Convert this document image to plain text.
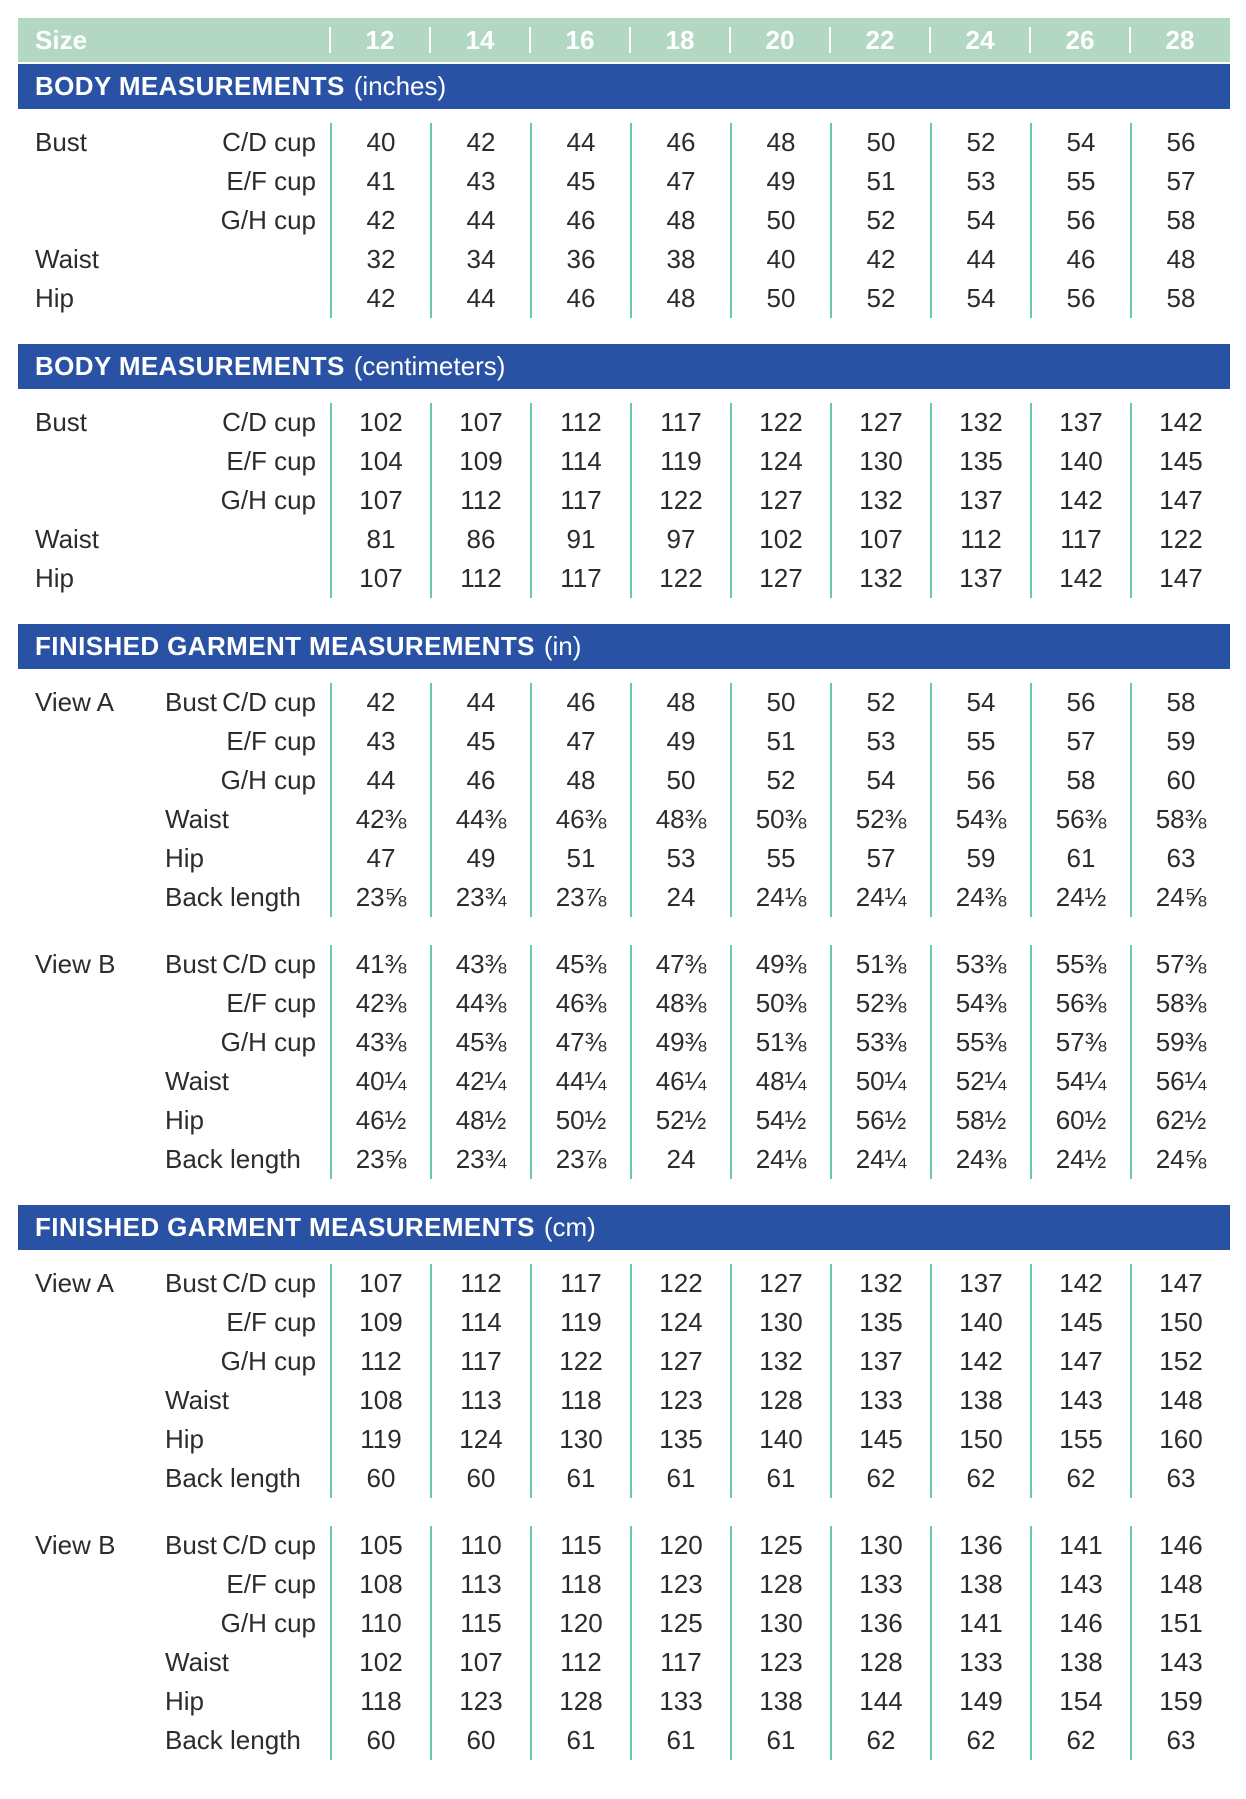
Size	12	14	16	18	20	22	24	26	28
BODY MEASUREMENTS (inches)
Bust	C/D cup	40	42	44	46	48	50	52	54	56
E/F cup	41	43	45	47	49	51	53	55	57
G/H cup	42	44	46	48	50	52	54	56	58
Waist	32	34	36	38	40	42	44	46	48
Hip	42	44	46	48	50	52	54	56	58
BODY MEASUREMENTS (centimeters)
Bust	C/D cup	102	107	112	117	122	127	132	137	142
E/F cup	104	109	114	119	124	130	135	140	145
G/H cup	107	112	117	122	127	132	137	142	147
Waist	81	86	91	97	102	107	112	117	122
Hip	107	112	117	122	127	132	137	142	147
FINISHED GARMENT MEASUREMENTS (in)
View A	Bust C/D cup	42	44	46	48	50	52	54	56	58
E/F cup	43	45	47	49	51	53	55	57	59
G/H cup	44	46	48	50	52	54	56	58	60
Waist	42⅜	44⅜	46⅜	48⅜	50⅜	52⅜	54⅜	56⅜	58⅜
Hip	47	49	51	53	55	57	59	61	63
Back length	23⅝	23¾	23⅞	24	24⅛	24¼	24⅜	24½	24⅝
View B	Bust C/D cup	41⅜	43⅜	45⅜	47⅜	49⅜	51⅜	53⅜	55⅜	57⅜
E/F cup	42⅜	44⅜	46⅜	48⅜	50⅜	52⅜	54⅜	56⅜	58⅜
G/H cup	43⅜	45⅜	47⅜	49⅜	51⅜	53⅜	55⅜	57⅜	59⅜
Waist	40¼	42¼	44¼	46¼	48¼	50¼	52¼	54¼	56¼
Hip	46½	48½	50½	52½	54½	56½	58½	60½	62½
Back length	23⅝	23¾	23⅞	24	24⅛	24¼	24⅜	24½	24⅝
FINISHED GARMENT MEASUREMENTS (cm)
View A	Bust C/D cup	107	112	117	122	127	132	137	142	147
E/F cup	109	114	119	124	130	135	140	145	150
G/H cup	112	117	122	127	132	137	142	147	152
Waist	108	113	118	123	128	133	138	143	148
Hip	119	124	130	135	140	145	150	155	160
Back length	60	60	61	61	61	62	62	62	63
View B	Bust C/D cup	105	110	115	120	125	130	136	141	146
E/F cup	108	113	118	123	128	133	138	143	148
G/H cup	110	115	120	125	130	136	141	146	151
Waist	102	107	112	117	123	128	133	138	143
Hip	118	123	128	133	138	144	149	154	159
Back length	60	60	61	61	61	62	62	62	63
